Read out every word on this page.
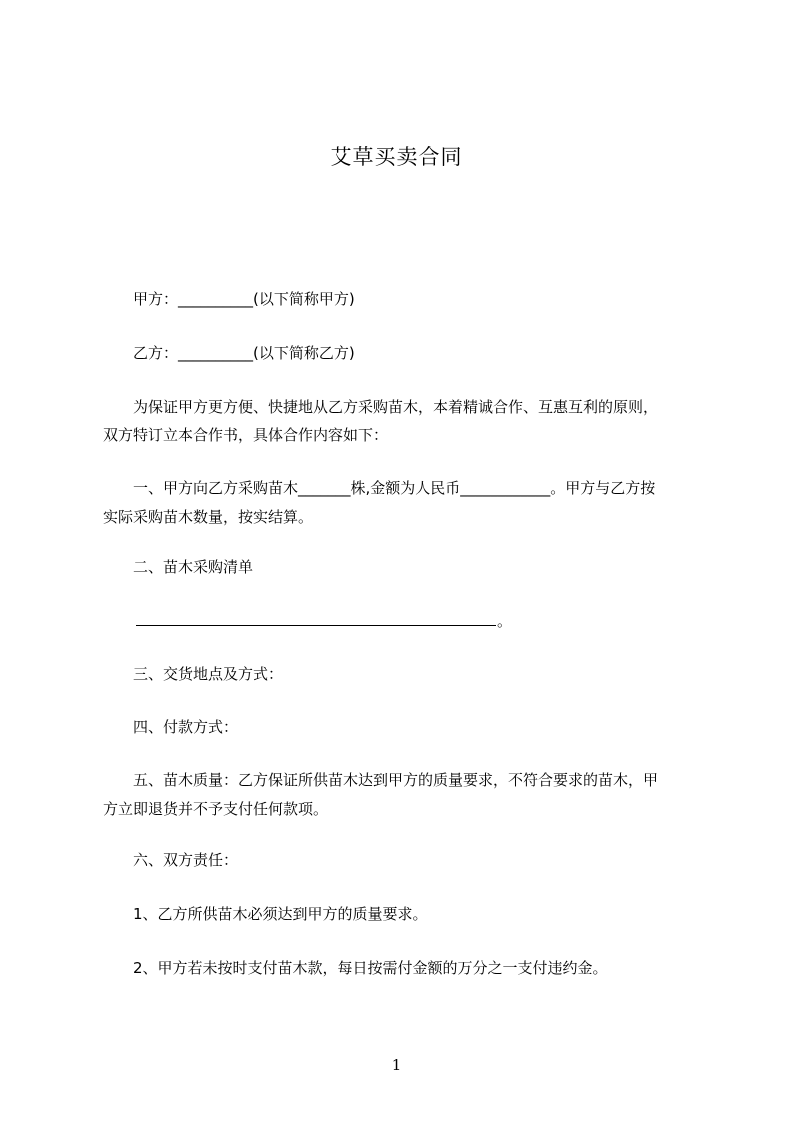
艾草买卖合同
　　甲方：__________(以下简称甲方)
　　乙方：__________(以下简称乙方)
　　为保证甲方更方便、快捷地从乙方采购苗木，本着精诚合作、互惠互利的原则，
双方特订立本合作书，具体合作内容如下：
　　一、甲方向乙方采购苗木_______株,金额为人民币____________。甲方与乙方按
实际采购苗木数量，按实结算。
　　二、苗木采购清单
。
　　三、交货地点及方式：
　　四、付款方式：
　　五、苗木质量：乙方保证所供苗木达到甲方的质量要求，不符合要求的苗木，甲
方立即退货并不予支付任何款项。
　　六、双方责任：
　　1、乙方所供苗木必须达到甲方的质量要求。
　　2、甲方若未按时支付苗木款，每日按需付金额的万分之一支付违约金。
1
